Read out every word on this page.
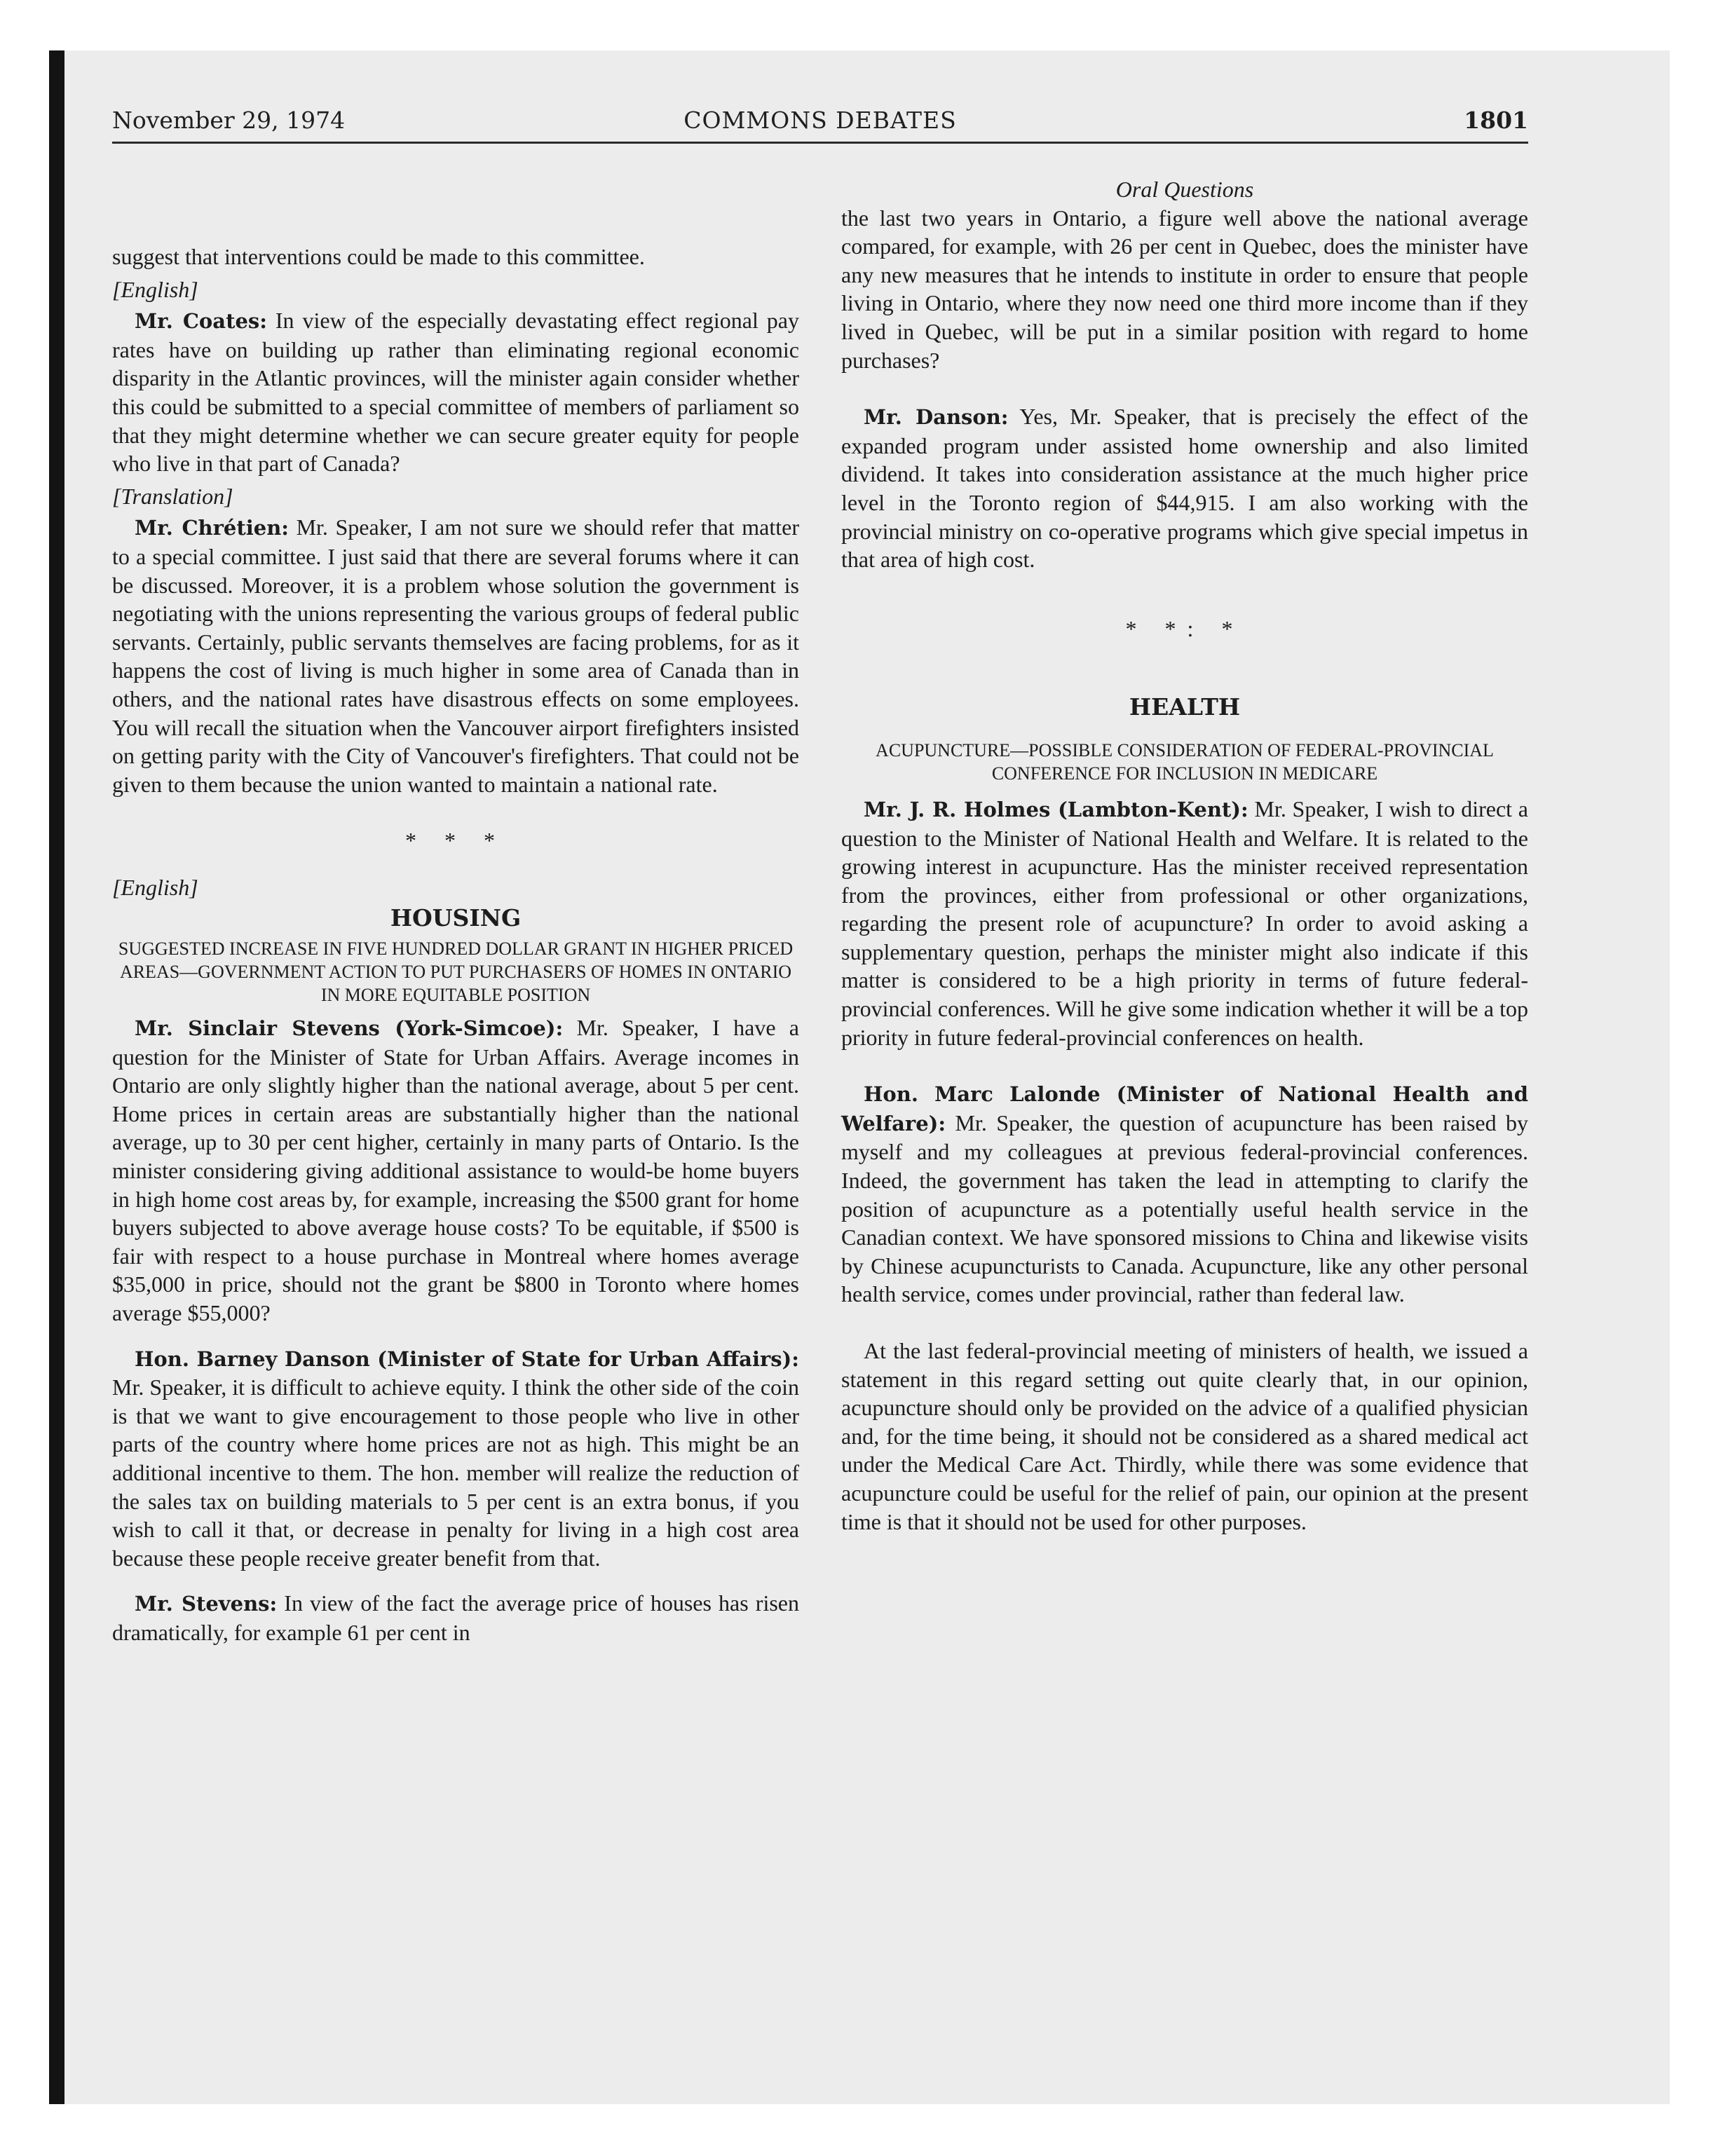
November 29, 1974	COMMONS DEBATES	1801

suggest that interventions could be made to this committee.

[English]

Mr. Coates: In view of the especially devastating effect regional pay rates have on building up rather than eliminating regional economic disparity in the Atlantic provinces, will the minister again consider whether this could be submitted to a special committee of members of parliament so that they might determine whether we can secure greater equity for people who live in that part of Canada?

[Translation]

Mr. Chrétien: Mr. Speaker, I am not sure we should refer that matter to a special committee. I just said that there are several forums where it can be discussed. Moreover, it is a problem whose solution the government is negotiating with the unions representing the various groups of federal public servants. Certainly, public servants themselves are facing problems, for as it happens the cost of living is much higher in some area of Canada than in others, and the national rates have disastrous effects on some employees. You will recall the situation when the Vancouver airport firefighters insisted on getting parity with the City of Vancouver's firefighters. That could not be given to them because the union wanted to maintain a national rate.

* * *

[English]

HOUSING

SUGGESTED INCREASE IN FIVE HUNDRED DOLLAR GRANT IN HIGHER PRICED AREAS—GOVERNMENT ACTION TO PUT PURCHASERS OF HOMES IN ONTARIO IN MORE EQUITABLE POSITION

Mr. Sinclair Stevens (York-Simcoe): Mr. Speaker, I have a question for the Minister of State for Urban Affairs. Average incomes in Ontario are only slightly higher than the national average, about 5 per cent. Home prices in certain areas are substantially higher than the national average, up to 30 per cent higher, certainly in many parts of Ontario. Is the minister considering giving additional assistance to would-be home buyers in high home cost areas by, for example, increasing the $500 grant for home buyers subjected to above average house costs? To be equitable, if $500 is fair with respect to a house purchase in Montreal where homes average $35,000 in price, should not the grant be $800 in Toronto where homes average $55,000?

Hon. Barney Danson (Minister of State for Urban Affairs): Mr. Speaker, it is difficult to achieve equity. I think the other side of the coin is that we want to give encouragement to those people who live in other parts of the country where home prices are not as high. This might be an additional incentive to them. The hon. member will realize the reduction of the sales tax on building materials to 5 per cent is an extra bonus, if you wish to call it that, or decrease in penalty for living in a high cost area because these people receive greater benefit from that.

Mr. Stevens: In view of the fact the average price of houses has risen dramatically, for example 61 per cent in

Oral Questions

the last two years in Ontario, a figure well above the national average compared, for example, with 26 per cent in Quebec, does the minister have any new measures that he intends to institute in order to ensure that people living in Ontario, where they now need one third more income than if they lived in Quebec, will be put in a similar position with regard to home purchases?

Mr. Danson: Yes, Mr. Speaker, that is precisely the effect of the expanded program under assisted home ownership and also limited dividend. It takes into consideration assistance at the much higher price level in the Toronto region of $44,915. I am also working with the provincial ministry on co-operative programs which give special impetus in that area of high cost.

* *: *

HEALTH

ACUPUNCTURE—POSSIBLE CONSIDERATION OF FEDERAL-PROVINCIAL CONFERENCE FOR INCLUSION IN MEDICARE

Mr. J. R. Holmes (Lambton-Kent): Mr. Speaker, I wish to direct a question to the Minister of National Health and Welfare. It is related to the growing interest in acupuncture. Has the minister received representation from the provinces, either from professional or other organizations, regarding the present role of acupuncture? In order to avoid asking a supplementary question, perhaps the minister might also indicate if this matter is considered to be a high priority in terms of future federal-provincial conferences. Will he give some indication whether it will be a top priority in future federal-provincial conferences on health.

Hon. Marc Lalonde (Minister of National Health and Welfare): Mr. Speaker, the question of acupuncture has been raised by myself and my colleagues at previous federal-provincial conferences. Indeed, the government has taken the lead in attempting to clarify the position of acupuncture as a potentially useful health service in the Canadian context. We have sponsored missions to China and likewise visits by Chinese acupuncturists to Canada. Acupuncture, like any other personal health service, comes under provincial, rather than federal law.

At the last federal-provincial meeting of ministers of health, we issued a statement in this regard setting out quite clearly that, in our opinion, acupuncture should only be provided on the advice of a qualified physician and, for the time being, it should not be considered as a shared medical act under the Medical Care Act. Thirdly, while there was some evidence that acupuncture could be useful for the relief of pain, our opinion at the present time is that it should not be used for other purposes.
